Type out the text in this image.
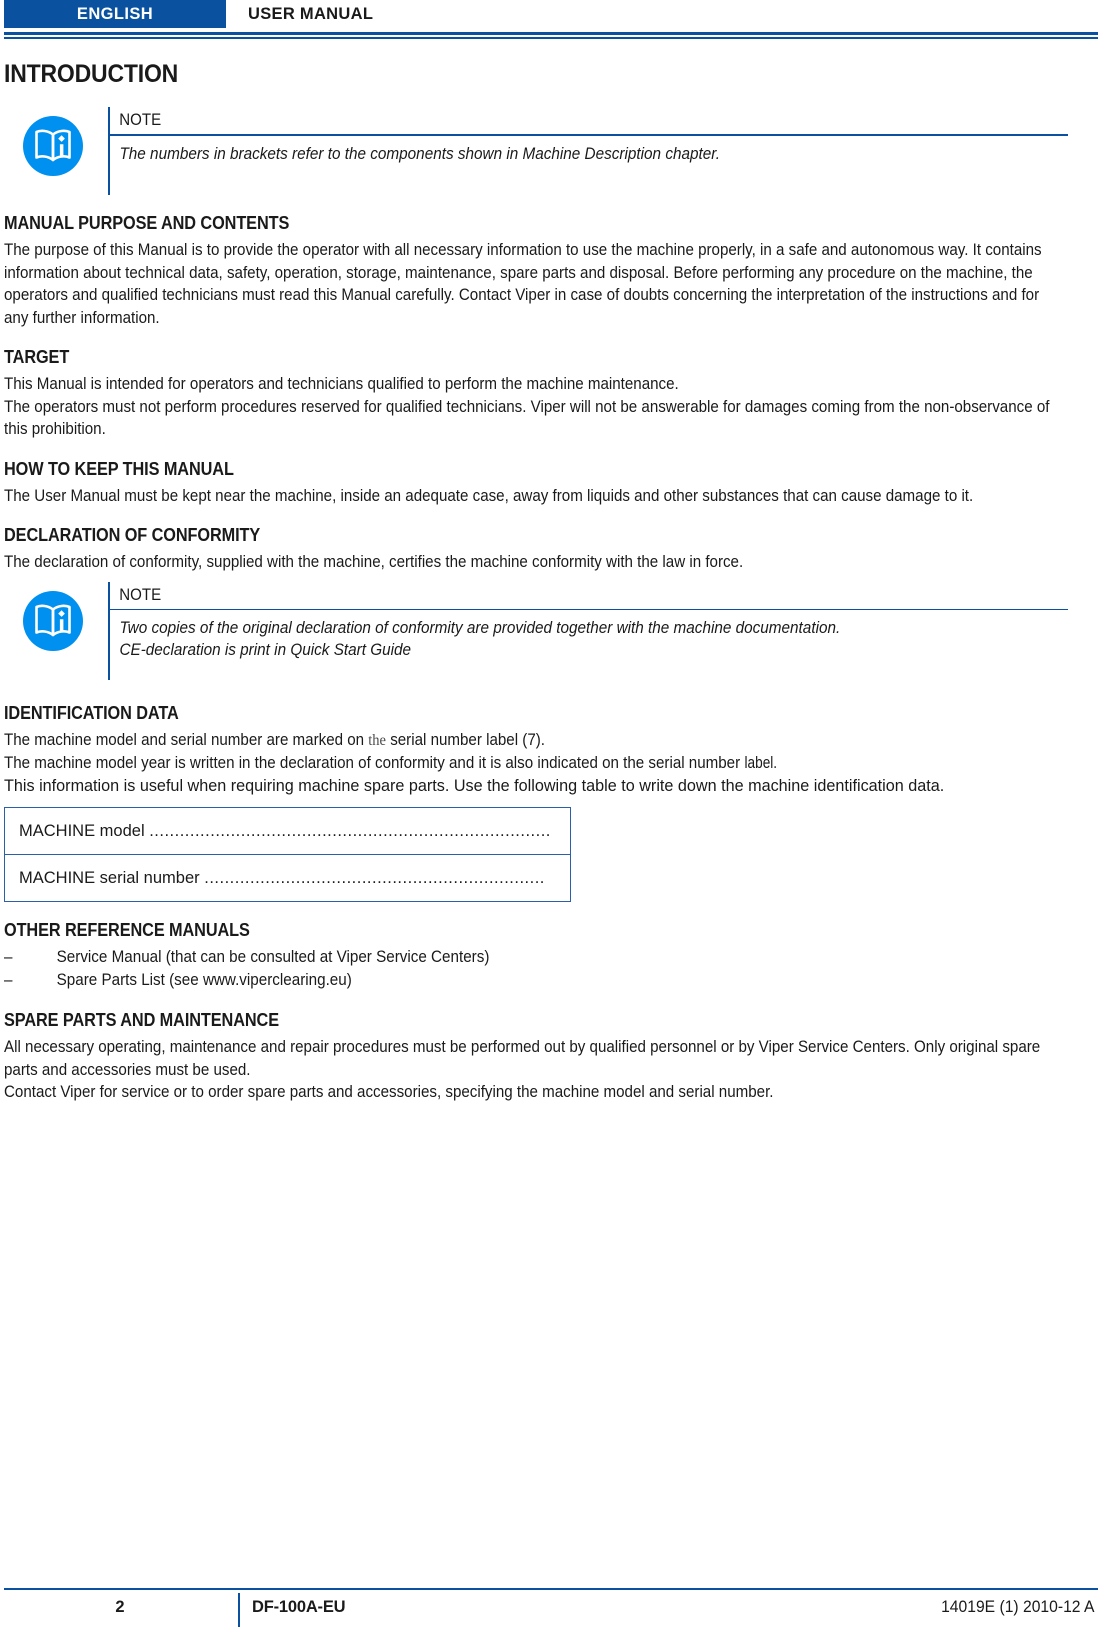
ENGLISH	USER MANUAL
INTRODUCTION
NOTE
The numbers in brackets refer to the components shown in Machine Description chapter.
MANUAL PURPOSE AND CONTENTS

The purpose of this Manual is to provide the operator with all necessary information to use the machine properly, in a safe and autonomous way. It contains information about technical data, safety, operation, storage, maintenance, spare parts and disposal. Before performing any procedure on the machine, the operators and qualified technicians must read this Manual carefully. Contact Viper in case of doubts concerning the interpretation of the instructions and for any further information.

TARGET

This Manual is intended for operators and technicians qualified to perform the machine maintenance.

The operators must not perform procedures reserved for qualified technicians. Viper will not be answerable for damages coming from the non-observance of this prohibition.

HOW TO KEEP THIS MANUAL

The User Manual must be kept near the machine, inside an adequate case, away from liquids and other substances that can cause damage to it.

DECLARATION OF CONFORMITY

The declaration of conformity, supplied with the machine, certifies the machine conformity with the law in force.

NOTE
Two copies of the original declaration of conformity are provided together with the machine documentation.
CE-declaration is print in Quick Start Guide
IDENTIFICATION DATA

The machine model and serial number are marked on the serial number label (7).

The machine model year is written in the declaration of conformity and it is also indicated on the serial number label.

This information is useful when requiring machine spare parts. Use the following table to write down the machine identification data.

MACHINE model ...............................................................................
MACHINE serial number ...................................................................
OTHER REFERENCE MANUALS
–	Service Manual (that can be consulted at Viper Service Centers)
–	Spare Parts List (see www.viperclearing.eu)
SPARE PARTS AND MAINTENANCE

All necessary operating, maintenance and repair procedures must be performed out by qualified personnel or by Viper Service Centers. Only original spare parts and accessories must be used.

Contact Viper for service or to order spare parts and accessories, specifying the machine model and serial number.

2	DF-100A-EU	14019E (1) 2010-12 A
